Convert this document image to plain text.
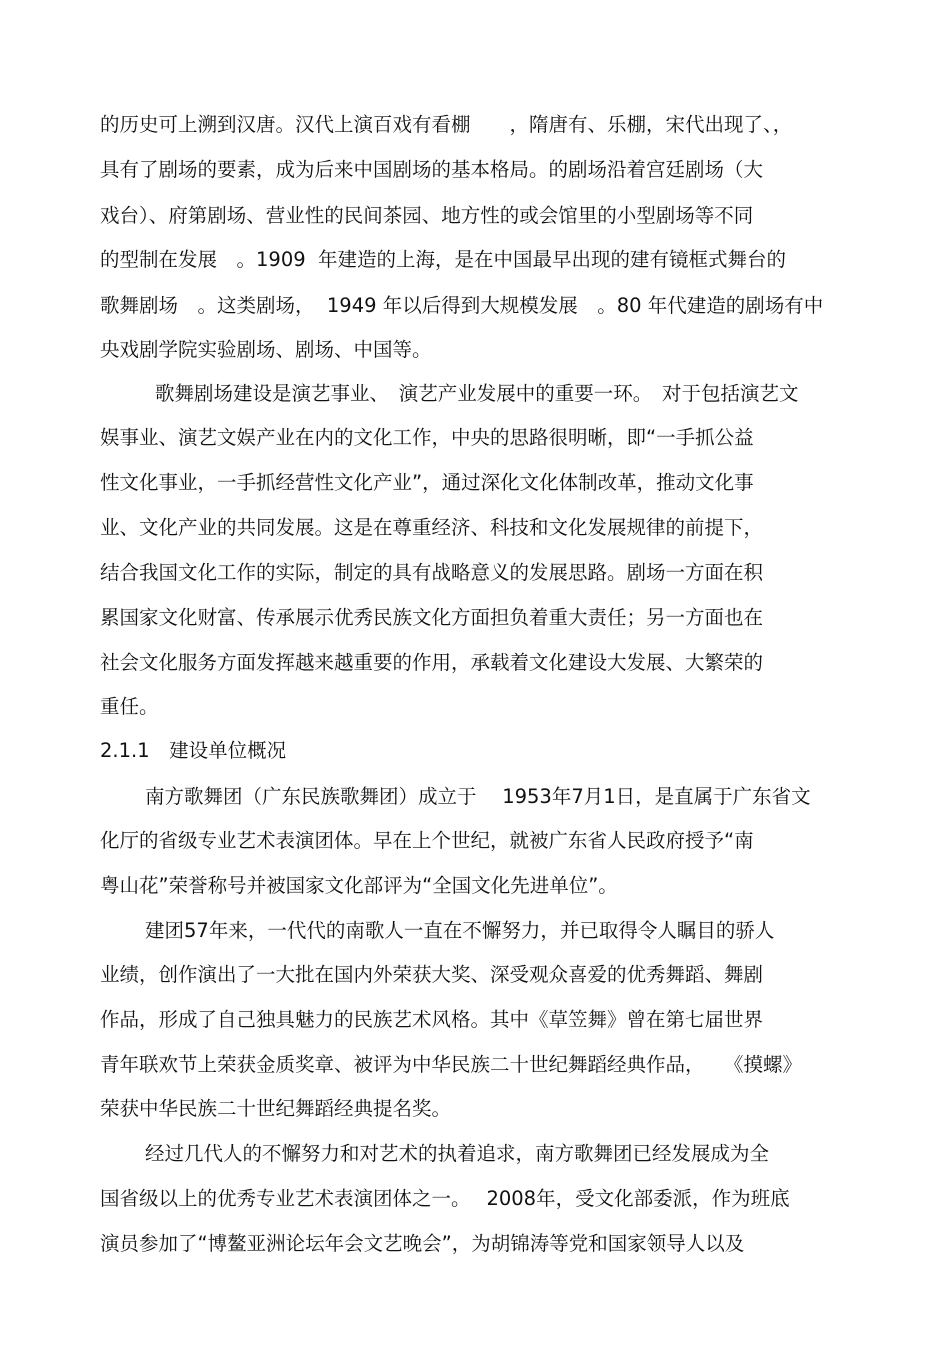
的历史可上溯到汉唐。汉代上演百戏有看棚　　，隋唐有、乐棚，宋代出现了、，
具有了剧场的要素，成为后来中国剧场的基本格局。的剧场沿着宫廷剧场（大
戏台）、府第剧场、营业性的民间茶园、地方性的或会馆里的小型剧场等不同
的型制在发展　。1909  年建造的上海，是在中国最早出现的建有镜框式舞台的
歌舞剧场　。这类剧场，  1949 年以后得到大规模发展　。80 年代建造的剧场有中
央戏剧学院实验剧场、剧场、中国等。
歌舞剧场建设是演艺事业、　演艺产业发展中的重要一环。　对于包括演艺文
娱事业、演艺文娱产业在内的文化工作，中央的思路很明晰，即“一手抓公益
性文化事业，一手抓经营性文化产业”，通过深化文化体制改革，推动文化事
业、文化产业的共同发展。这是在尊重经济、科技和文化发展规律的前提下，
结合我国文化工作的实际，制定的具有战略意义的发展思路。剧场一方面在积
累国家文化财富、传承展示优秀民族文化方面担负着重大责任；另一方面也在
社会文化服务方面发挥越来越重要的作用，承载着文化建设大发展、大繁荣的
重任。
2.1.1　建设单位概况
南方歌舞团（广东民族歌舞团）成立于　 1953年7月1日，是直属于广东省文
化厅的省级专业艺术表演团体。早在上个世纪，就被广东省人民政府授予“南
粤山花”荣誉称号并被国家文化部评为“全国文化先进单位”。
建团57年来，一代代的南歌人一直在不懈努力，并已取得令人瞩目的骄人
业绩，创作演出了一大批在国内外荣获大奖、深受观众喜爱的优秀舞蹈、舞剧
作品，形成了自己独具魅力的民族艺术风格。其中《草笠舞》曾在第七届世界
青年联欢节上荣获金质奖章、被评为中华民族二十世纪舞蹈经典作品，　　《摸螺》
荣获中华民族二十世纪舞蹈经典提名奖。
经过几代人的不懈努力和对艺术的执着追求，南方歌舞团已经发展成为全
国省级以上的优秀专业艺术表演团体之一。　 2008年，受文化部委派，作为班底
演员参加了“博鳌亚洲论坛年会文艺晚会”，为胡锦涛等党和国家领导人以及
